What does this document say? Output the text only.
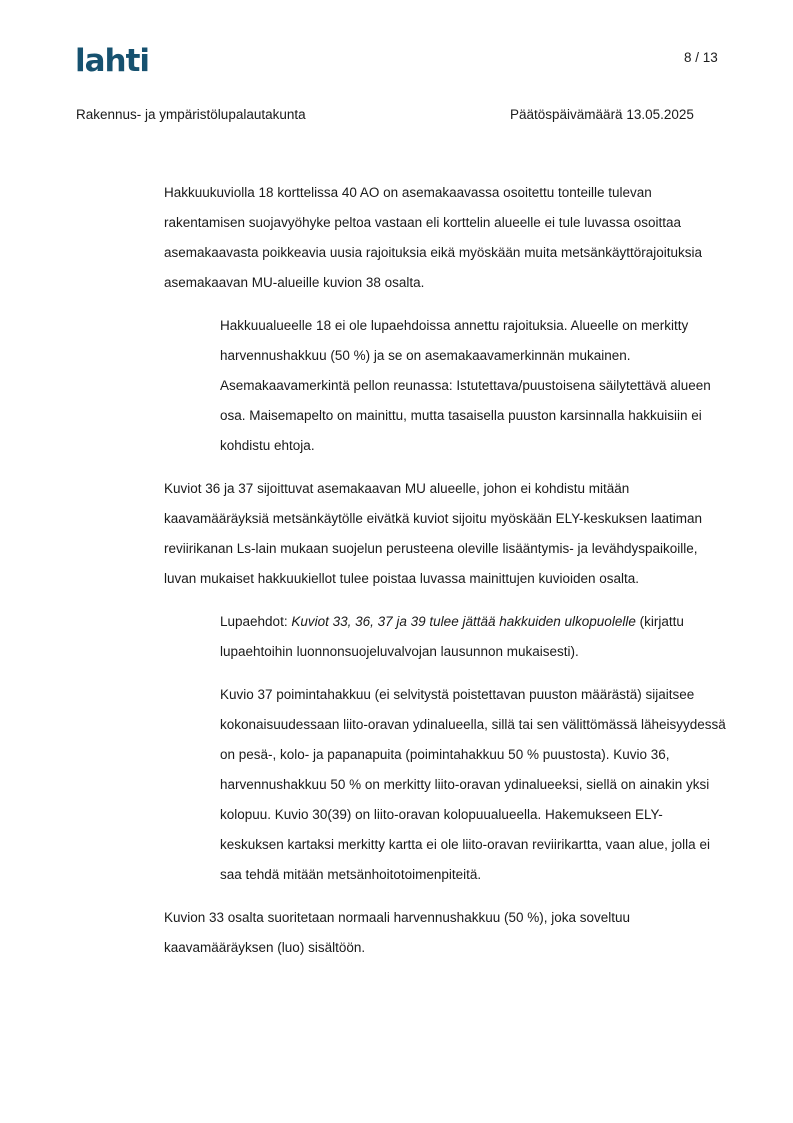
lahti	8 / 13
Rakennus- ja ympäristölupalautakunta	Päätöspäivämäärä 13.05.2025

Hakkuukuviolla 18 korttelissa 40 AO on asemakaavassa osoitettu tonteille tulevan rakentamisen suojavyöhyke peltoa vastaan eli korttelin alueelle ei tule luvassa osoittaa asemakaavasta poikkeavia uusia rajoituksia eikä myöskään muita metsänkäyttörajoituksia asemakaavan MU-alueille kuvion 38 osalta.

Hakkuualueelle 18 ei ole lupaehdoissa annettu rajoituksia. Alueelle on merkitty harvennushakkuu (50 %) ja se on asemakaavamerkinnän mukainen. Asemakaavamerkintä pellon reunassa: Istutettava/puustoisena säilytettävä alueen osa. Maisemapelto on mainittu, mutta tasaisella puuston karsinnalla hakkuisiin ei kohdistu ehtoja.

Kuviot 36 ja 37 sijoittuvat asemakaavan MU alueelle, johon ei kohdistu mitään kaavamääräyksiä metsänkäytölle eivätkä kuviot sijoitu myöskään ELY-keskuksen laatiman reviirikanan Ls-lain mukaan suojelun perusteena oleville lisääntymis- ja levähdyspaikoille, luvan mukaiset hakkuukiellot tulee poistaa luvassa mainittujen kuvioiden osalta.

Lupaehdot: Kuviot 33, 36, 37 ja 39 tulee jättää hakkuiden ulkopuolelle (kirjattu lupaehtoihin luonnonsuojeluvalvojan lausunnon mukaisesti).

Kuvio 37 poimintahakkuu (ei selvitystä poistettavan puuston määrästä) sijaitsee kokonaisuudessaan liito-oravan ydinalueella, sillä tai sen välittömässä läheisyydessä on pesä-, kolo- ja papanapuita (poimintahakkuu 50 % puustosta). Kuvio 36, harvennushakkuu 50 % on merkitty liito-oravan ydinalueeksi, siellä on ainakin yksi kolopuu. Kuvio 30(39) on liito-oravan kolopuualueella. Hakemukseen ELY-keskuksen kartaksi merkitty kartta ei ole liito-oravan reviirikartta, vaan alue, jolla ei saa tehdä mitään metsänhoitotoimenpiteitä.

Kuvion 33 osalta suoritetaan normaali harvennushakkuu (50 %), joka soveltuu kaavamääräyksen (luo) sisältöön.
